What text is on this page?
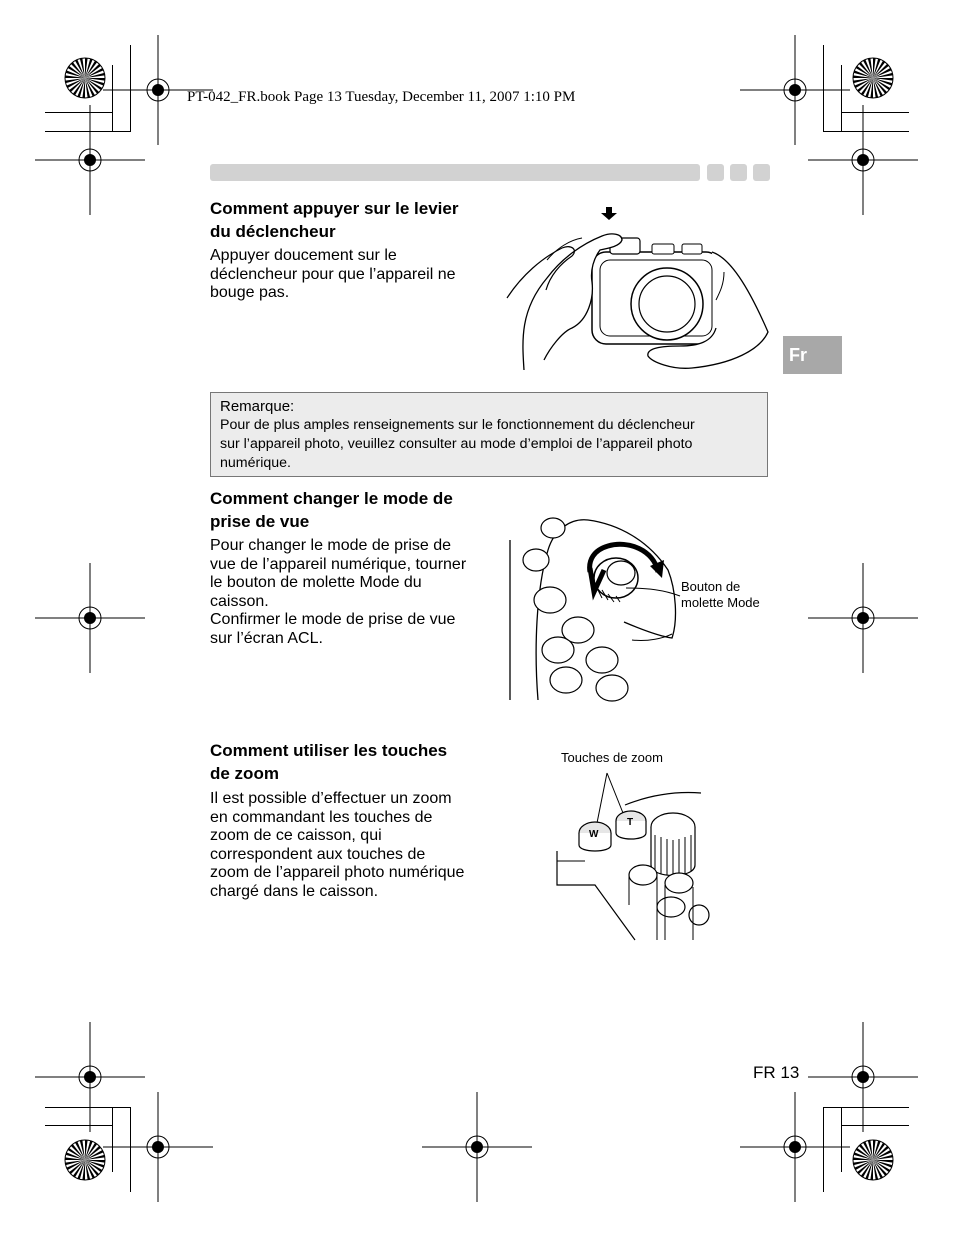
PT-042_FR.book Page 13 Tuesday, December 11, 2007 1:10 PM
Fr
Comment appuyer sur le levier
du déclencheur
Appuyer doucement sur le
déclencheur pour que l’appareil ne
bouge pas.
Remarque:
Pour de plus amples renseignements sur le fonctionnement du déclencheur
sur l’appareil photo, veuillez consulter au mode d’emploi de l’appareil photo
numérique.
Comment changer le mode de
prise de vue
Pour changer le mode de prise de
vue de l’appareil numérique, tourner
le bouton de molette Mode du
caisson.
Confirmer le mode de prise de vue
sur l’écran ACL.
Bouton de
molette Mode
Comment utiliser les touches
de zoom
Il est possible d’effectuer un zoom
en commandant les touches de
zoom de ce caisson, qui
correspondent aux touches de
zoom de l’appareil photo numérique
chargé dans le caisson.
Touches de zoom
W
T
FR 13
